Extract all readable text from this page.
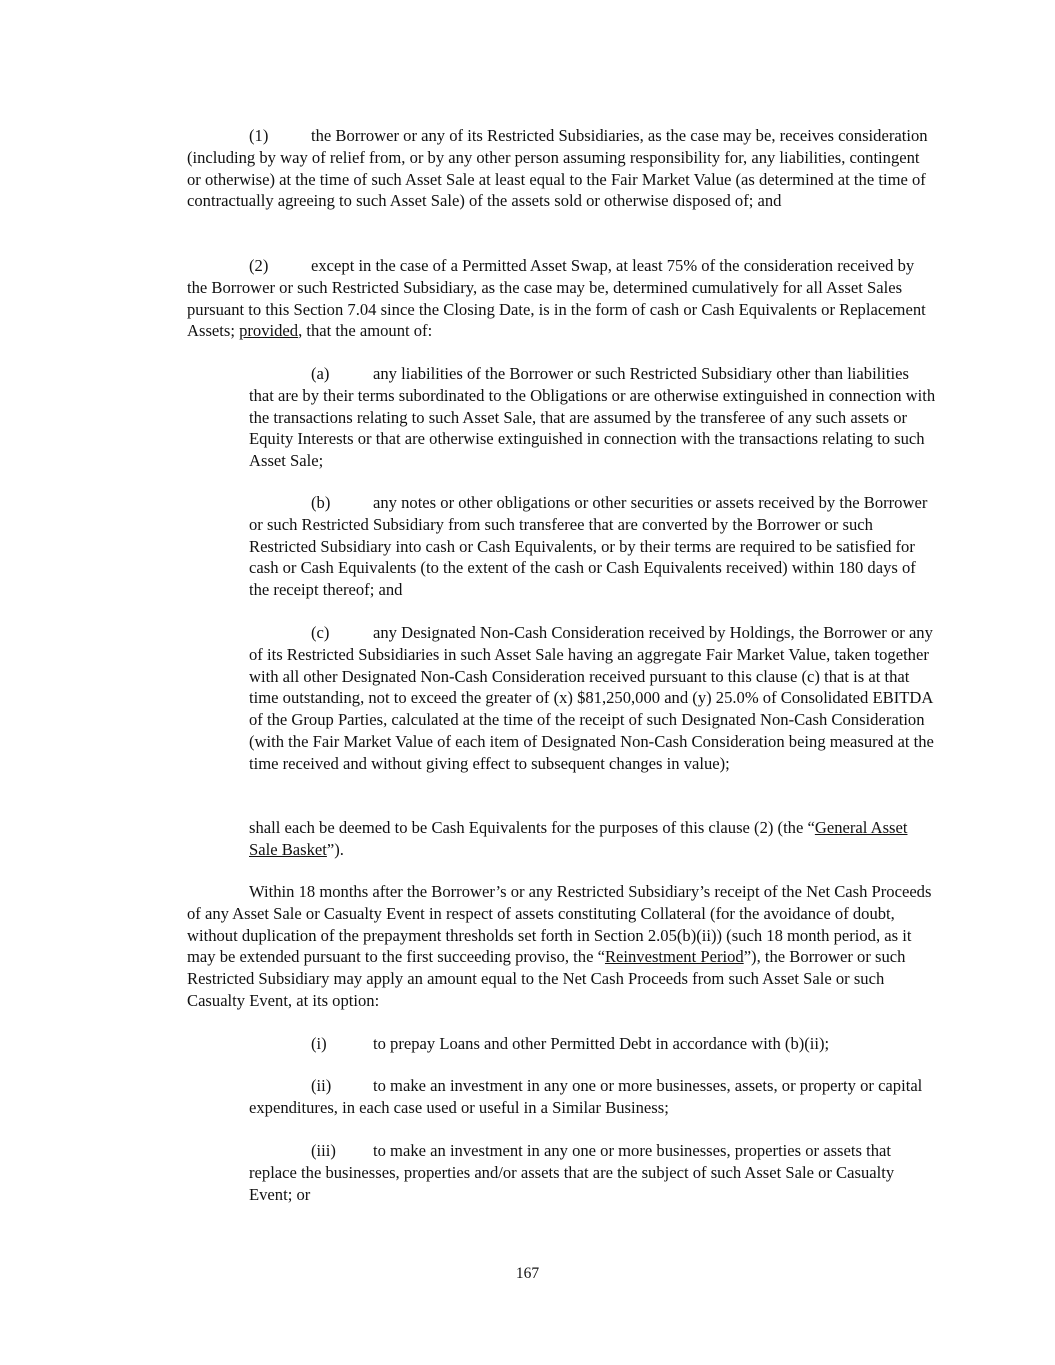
(1)	the Borrower or any of its Restricted Subsidiaries, as the case may be, receives consideration (including by way of relief from, or by any other person assuming responsibility for, any liabilities, contingent or otherwise) at the time of such Asset Sale at least equal to the Fair Market Value (as determined at the time of contractually agreeing to such Asset Sale) of the assets sold or otherwise disposed of; and

(2)	except in the case of a Permitted Asset Swap, at least 75% of the consideration received by the Borrower or such Restricted Subsidiary, as the case may be, determined cumulatively for all Asset Sales pursuant to this Section 7.04 since the Closing Date, is in the form of cash or Cash Equivalents or Replacement Assets; provided, that the amount of:

(a)	any liabilities of the Borrower or such Restricted Subsidiary other than liabilities that are by their terms subordinated to the Obligations or are otherwise extinguished in connection with the transactions relating to such Asset Sale, that are assumed by the transferee of any such assets or Equity Interests or that are otherwise extinguished in connection with the transactions relating to such Asset Sale;

(b)	any notes or other obligations or other securities or assets received by the Borrower or such Restricted Subsidiary from such transferee that are converted by the Borrower or such Restricted Subsidiary into cash or Cash Equivalents, or by their terms are required to be satisfied for cash or Cash Equivalents (to the extent of the cash or Cash Equivalents received) within 180 days of the receipt thereof; and

(c)	any Designated Non-Cash Consideration received by Holdings, the Borrower or any of its Restricted Subsidiaries in such Asset Sale having an aggregate Fair Market Value, taken together with all other Designated Non-Cash Consideration received pursuant to this clause (c) that is at that time outstanding, not to exceed the greater of (x) $81,250,000 and (y) 25.0% of Consolidated EBITDA of the Group Parties, calculated at the time of the receipt of such Designated Non-Cash Consideration (with the Fair Market Value of each item of Designated Non-Cash Consideration being measured at the time received and without giving effect to subsequent changes in value);

shall each be deemed to be Cash Equivalents for the purposes of this clause (2) (the “General Asset Sale Basket”).

Within 18 months after the Borrower’s or any Restricted Subsidiary’s receipt of the Net Cash Proceeds of any Asset Sale or Casualty Event in respect of assets constituting Collateral (for the avoidance of doubt, without duplication of the prepayment thresholds set forth in Section 2.05(b)(ii)) (such 18 month period, as it may be extended pursuant to the first succeeding proviso, the “Reinvestment Period”), the Borrower or such Restricted Subsidiary may apply an amount equal to the Net Cash Proceeds from such Asset Sale or such Casualty Event, at its option:

(i)	to prepay Loans and other Permitted Debt in accordance with (b)(ii);

(ii)	to make an investment in any one or more businesses, assets, or property or capital expenditures, in each case used or useful in a Similar Business;

(iii) to make an investment in any one or more businesses, properties or assets that replace the businesses, properties and/or assets that are the subject of such Asset Sale or Casualty Event; or

167
